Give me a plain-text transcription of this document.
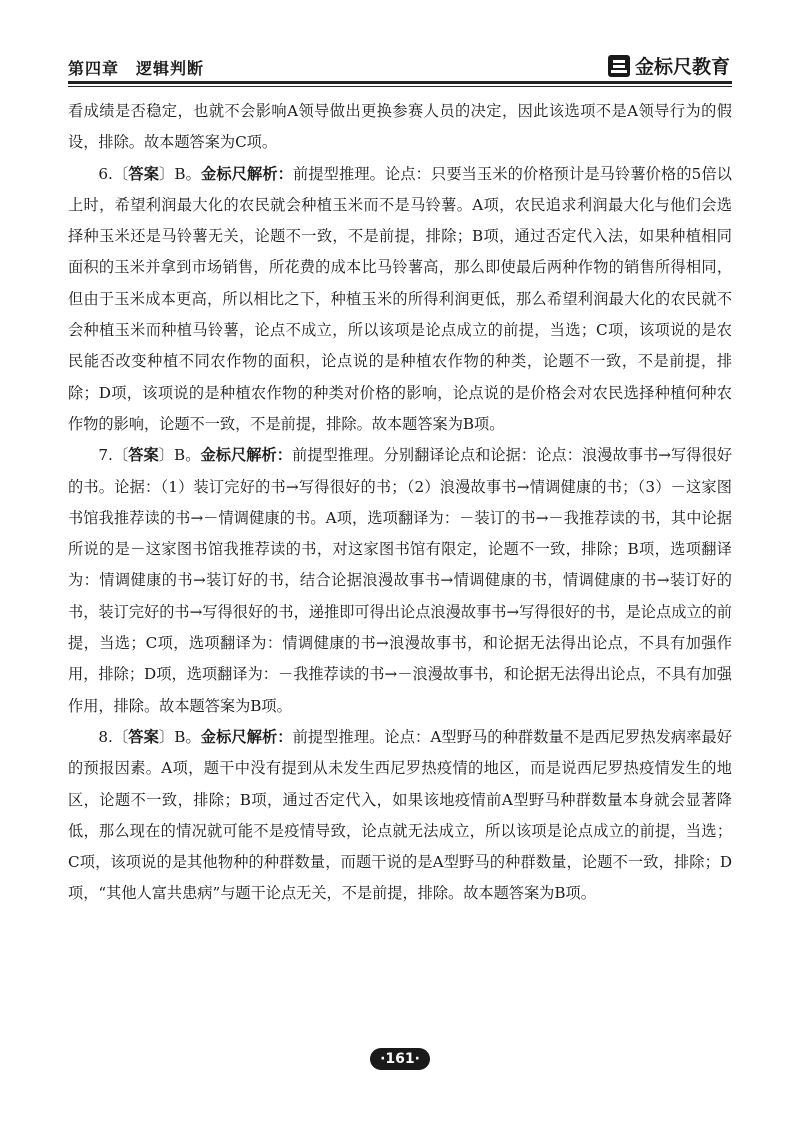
第四章　逻辑判断	金标尺教育

看成绩是否稳定，也就不会影响A领导做出更换参赛人员的决定，因此该选项不是A领导行为的假设，排除。故本题答案为C项。

6.〔答案〕B。金标尺解析：前提型推理。论点：只要当玉米的价格预计是马铃薯价格的5倍以上时，希望利润最大化的农民就会种植玉米而不是马铃薯。A项，农民追求利润最大化与他们会选择种玉米还是马铃薯无关，论题不一致，不是前提，排除；B项，通过否定代入法，如果种植相同面积的玉米并拿到市场销售，所花费的成本比马铃薯高，那么即使最后两种作物的销售所得相同，但由于玉米成本更高，所以相比之下，种植玉米的所得利润更低，那么希望利润最大化的农民就不会种植玉米而种植马铃薯，论点不成立，所以该项是论点成立的前提，当选；C项，该项说的是农民能否改变种植不同农作物的面积，论点说的是种植农作物的种类，论题不一致，不是前提，排除；D项，该项说的是种植农作物的种类对价格的影响，论点说的是价格会对农民选择种植何种农作物的影响，论题不一致，不是前提，排除。故本题答案为B项。

7.〔答案〕B。金标尺解析：前提型推理。分别翻译论点和论据：论点：浪漫故事书→写得很好的书。论据：（1）装订完好的书→写得很好的书；（2）浪漫故事书→情调健康的书；（3）－这家图书馆我推荐读的书→－情调健康的书。A项，选项翻译为：－装订的书→－我推荐读的书，其中论据所说的是－这家图书馆我推荐读的书，对这家图书馆有限定，论题不一致，排除；B项，选项翻译为：情调健康的书→装订好的书，结合论据浪漫故事书→情调健康的书，情调健康的书→装订好的书，装订完好的书→写得很好的书，递推即可得出论点浪漫故事书→写得很好的书，是论点成立的前提，当选；C项，选项翻译为：情调健康的书→浪漫故事书，和论据无法得出论点，不具有加强作用，排除；D项，选项翻译为：－我推荐读的书→－浪漫故事书，和论据无法得出论点，不具有加强作用，排除。故本题答案为B项。

8.〔答案〕B。金标尺解析：前提型推理。论点：A型野马的种群数量不是西尼罗热发病率最好的预报因素。A项，题干中没有提到从未发生西尼罗热疫情的地区，而是说西尼罗热疫情发生的地区，论题不一致，排除；B项，通过否定代入，如果该地疫情前A型野马种群数量本身就会显著降低，那么现在的情况就可能不是疫情导致，论点就无法成立，所以该项是论点成立的前提，当选；C项，该项说的是其他物种的种群数量，而题干说的是A型野马的种群数量，论题不一致，排除；D项，“其他人富共患病”与题干论点无关，不是前提，排除。故本题答案为B项。

·161·
